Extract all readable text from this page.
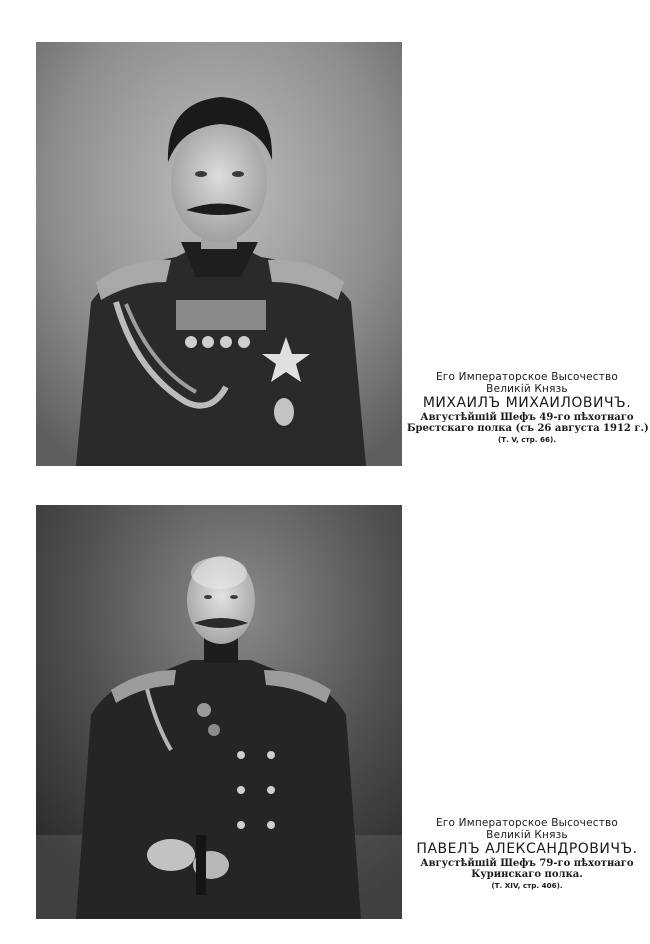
Его Императорское Высочество
Великій Князь
МИХАИЛЪ МИХАИЛОВИЧЪ.
Августѣйшій Шефъ 49-го пѣхотнаго
Брестскаго полка (съ 26 августа 1912 г.)
(Т. V, стр. 66).
Его Императорское Высочество
Великій Князь
ПАВЕЛЪ АЛЕКСАНДРОВИЧЪ.
Августѣйшій Шефъ 79-го пѣхотнаго
Куринскаго полка.
(Т. XIV, стр. 406).
